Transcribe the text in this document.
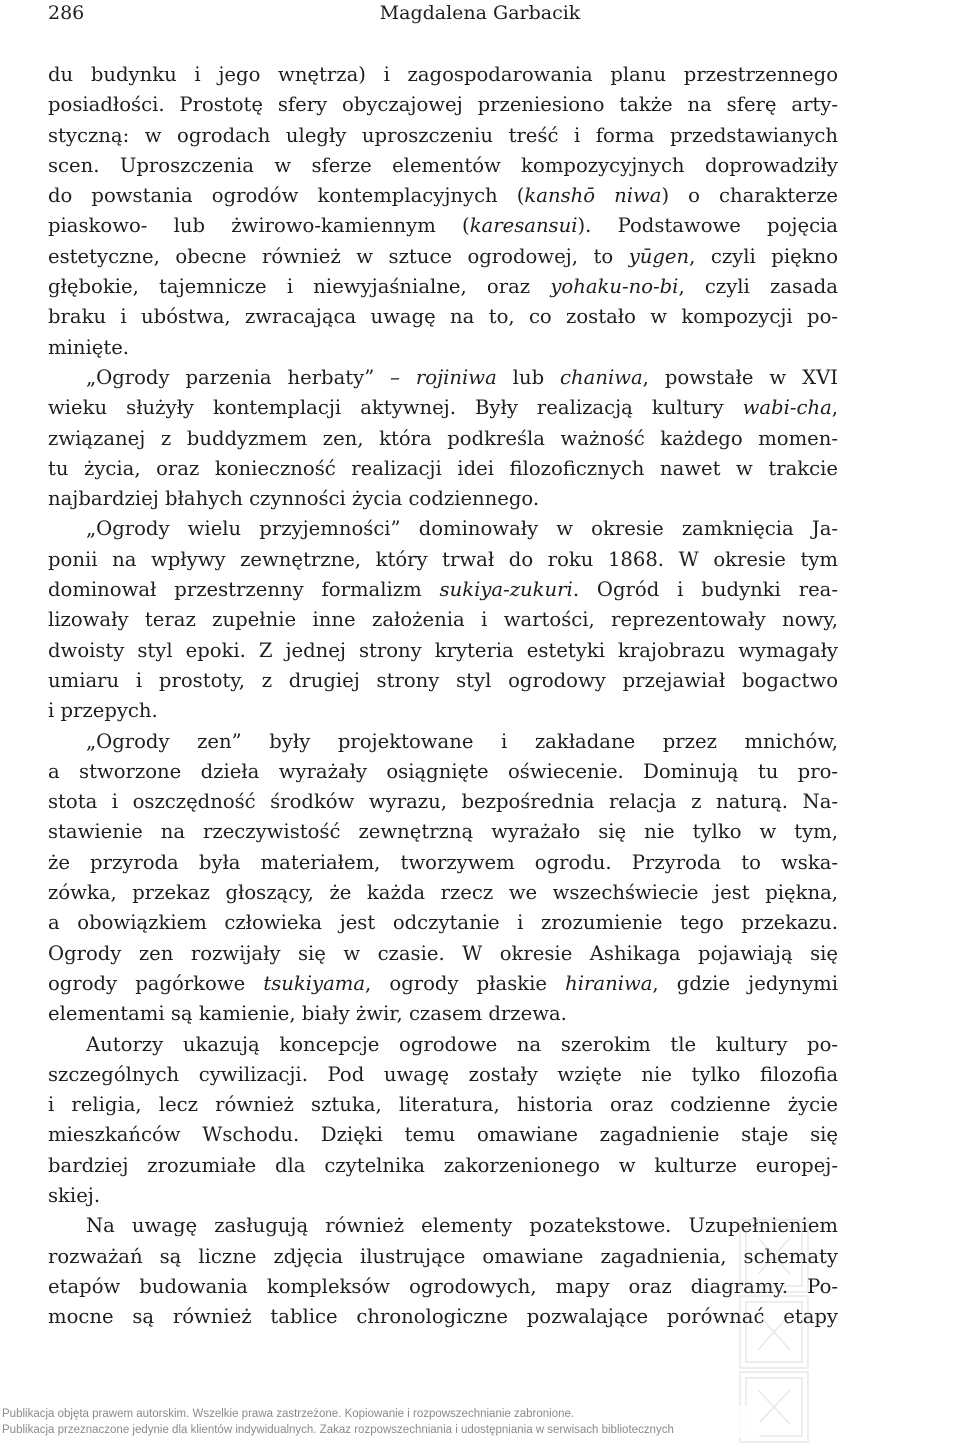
286	Magdalena Garbacik
du budynku i jego wnętrza) i zagospodarowania planu przestrzennego
posiadłości. Prostotę sfery obyczajowej przeniesiono także na sferę arty-
styczną: w ogrodach uległy uproszczeniu treść i forma przedstawianych
scen. Uproszczenia w sferze elementów kompozycyjnych doprowadziły
do powstania ogrodów kontemplacyjnych (kanshō niwa) o charakterze
piaskowo- lub żwirowo-kamiennym (karesansui). Podstawowe pojęcia
estetyczne, obecne również w sztuce ogrodowej, to yūgen, czyli piękno
głębokie, tajemnicze i niewyjaśnialne, oraz yohaku-no-bi, czyli zasada
braku i ubóstwa, zwracająca uwagę na to, co zostało w kompozycji po-
minięte.
„Ogrody parzenia herbaty” – rojiniwa lub chaniwa, powstałe w XVI
wieku służyły kontemplacji aktywnej. Były realizacją kultury wabi-cha,
związanej z buddyzmem zen, która podkreśla ważność każdego momen-
tu życia, oraz konieczność realizacji idei filozoficznych nawet w trakcie
najbardziej błahych czynności życia codziennego.
„Ogrody wielu przyjemności” dominowały w okresie zamknięcia Ja-
ponii na wpływy zewnętrzne, który trwał do roku 1868. W okresie tym
dominował przestrzenny formalizm sukiya-zukuri. Ogród i budynki rea-
lizowały teraz zupełnie inne założenia i wartości, reprezentowały nowy,
dwoisty styl epoki. Z jednej strony kryteria estetyki krajobrazu wymagały
umiaru i prostoty, z drugiej strony styl ogrodowy przejawiał bogactwo
i przepych.
„Ogrody zen” były projektowane i zakładane przez mnichów,
a stworzone dzieła wyrażały osiągnięte oświecenie. Dominują tu pro-
stota i oszczędność środków wyrazu, bezpośrednia relacja z naturą. Na-
stawienie na rzeczywistość zewnętrzną wyrażało się nie tylko w tym,
że przyroda była materiałem, tworzywem ogrodu. Przyroda to wska-
zówka, przekaz głoszący, że każda rzecz we wszechświecie jest piękna,
a obowiązkiem człowieka jest odczytanie i zrozumienie tego przekazu.
Ogrody zen rozwijały się w czasie. W okresie Ashikaga pojawiają się
ogrody pagórkowe tsukiyama, ogrody płaskie hiraniwa, gdzie jedynymi
elementami są kamienie, biały żwir, czasem drzewa.
Autorzy ukazują koncepcje ogrodowe na szerokim tle kultury po-
szczególnych cywilizacji. Pod uwagę zostały wzięte nie tylko filozofia
i religia, lecz również sztuka, literatura, historia oraz codzienne życie
mieszkańców Wschodu. Dzięki temu omawiane zagadnienie staje się
bardziej zrozumiałe dla czytelnika zakorzenionego w kulturze europej-
skiej.
Na uwagę zasługują również elementy pozatekstowe. Uzupełnieniem
rozważań są liczne zdjęcia ilustrujące omawiane zagadnienia, schematy
etapów budowania kompleksów ogrodowych, mapy oraz diagramy. Po-
mocne są również tablice chronologiczne pozwalające porównać etapy
Publikacja objęta prawem autorskim. Wszelkie prawa zastrzeżone. Kopiowanie i rozpowszechnianie zabronione.
Publikacja przeznaczone jedynie dla klientów indywidualnych. Zakaz rozpowszechniania i udostępniania w serwisach bibliotecznych
